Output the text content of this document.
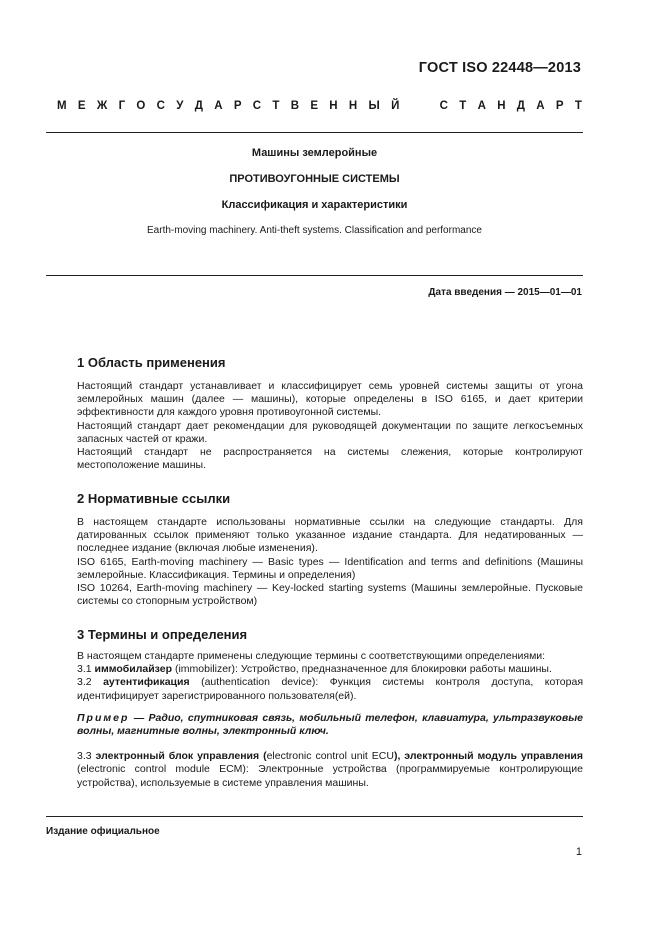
ГОСТ ISO 22448—2013
М Е Ж Г О С У Д А Р С Т В Е Н Н Ы Й

	С Т А Н Д А Р Т
Машины землеройные
ПРОТИВОУГОННЫЕ СИСТЕМЫ
Классификация и характеристики
Earth-moving machinery. Anti-theft systems. Classification and performance
Дата введения — 2015—01—01
1 Область применения

Настоящий стандарт устанавливает и классифицирует семь уровней системы защиты от угона землеройных машин (далее — машины), которые определены в ISO 6165, и дает критерии эффективности для каждого уровня противоугонной системы.

Настоящий стандарт дает рекомендации для руководящей документации по защите легкосъемных запасных частей от кражи.

Настоящий стандарт не распространяется на системы слежения, которые контролируют местоположение машины.

2 Нормативные ссылки

В настоящем стандарте использованы нормативные ссылки на следующие стандарты. Для датированных ссылок применяют только указанное издание стандарта. Для недатированных — последнее издание (включая любые изменения).

ISO 6165, Earth-moving machinery — Basic types — Identification and terms and definitions (Машины землеройные. Классификация. Термины и определения)

ISO 10264, Earth-moving machinery — Key-locked starting systems (Машины землеройные. Пусковые системы со стопорным устройством)

3 Термины и определения

В настоящем стандарте применены следующие термины с соответствующими определениями:

3.1 иммобилайзер (immobilizer): Устройство, предназначенное для блокировки работы машины.

3.2 аутентификация (authentication device): Функция системы контроля доступа, которая идентифицирует зарегистрированного пользователя(ей).

Пример — Радио, спутниковая связь, мобильный телефон, клавиатура, ультразвуковые волны, магнитные волны, электронный ключ.

3.3 электронный блок управления (electronic control unit ECU), электронный модуль управления (electronic control module ECM): Электронные устройства (программируемые контролирующие устройства), используемые в системе управления машины.

Издание официальное
1
